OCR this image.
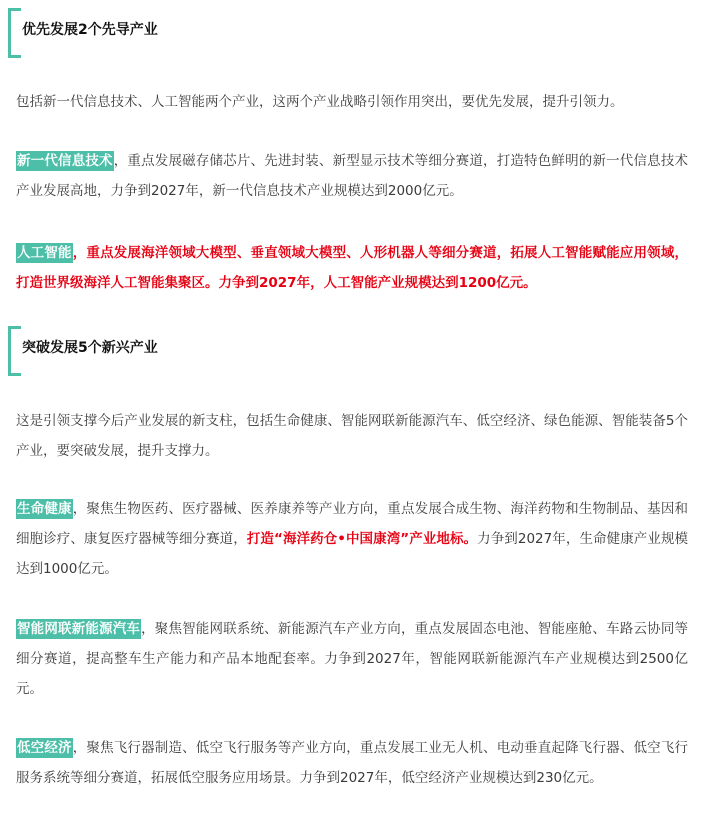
优先发展2个先导产业
包括新一代信息技术、人工智能两个产业，这两个产业战略引领作用突出，要优先发展，提升引领力。
新一代信息技术，重点发展磁存储芯片、先进封装、新型显示技术等细分赛道，打造特色鲜明的新一代信息技术产业发展高地，力争到2027年，新一代信息技术产业规模达到2000亿元。
人工智能，重点发展海洋领域大模型、垂直领域大模型、人形机器人等细分赛道，拓展人工智能赋能应用领域，打造世界级海洋人工智能集聚区。力争到2027年，人工智能产业规模达到1200亿元。
突破发展5个新兴产业
这是引领支撑今后产业发展的新支柱，包括生命健康、智能网联新能源汽车、低空经济、绿色能源、智能装备5个产业，要突破发展，提升支撑力。
生命健康，聚焦生物医药、医疗器械、医养康养等产业方向，重点发展合成生物、海洋药物和生物制品、基因和细胞诊疗、康复医疗器械等细分赛道，打造“海洋药仓•中国康湾”产业地标。力争到2027年，生命健康产业规模达到1000亿元。
智能网联新能源汽车，聚焦智能网联系统、新能源汽车产业方向，重点发展固态电池、智能座舱、车路云协同等细分赛道，提高整车生产能力和产品本地配套率。力争到2027年，智能网联新能源汽车产业规模达到2500亿元。
低空经济，聚焦飞行器制造、低空飞行服务等产业方向，重点发展工业无人机、电动垂直起降飞行器、低空飞行服务系统等细分赛道，拓展低空服务应用场景。力争到2027年，低空经济产业规模达到230亿元。
